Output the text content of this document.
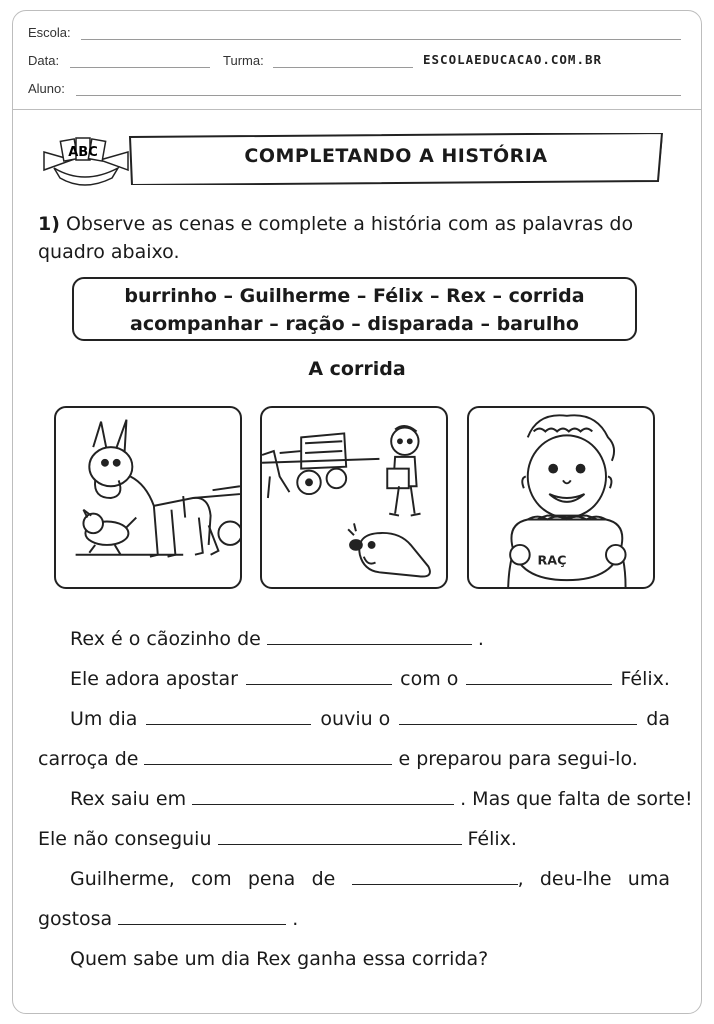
Escola:
Data:	Turma:
Aluno:
ESCOLAEDUCACAO.COM.BR
ABC	COMPLETANDO A HISTÓRIA
1) Observe as cenas e complete a história com as palavras do quadro abaixo.
burrinho – Guilherme – Félix – Rex – corrida
acompanhar – ração – disparada – barulho
A corrida
RAÇ
Rex é o cãozinho de	.
Ele adora apostar	com o	Félix.
Um dia	ouviu o	da
carroça de	e preparou para segui-lo.
Rex saiu em	. Mas que falta de sorte!
Ele não conseguiu	Félix.
Guilherme, com pena de	, deu-lhe uma
gostosa	.
Quem sabe um dia Rex ganha essa corrida?
